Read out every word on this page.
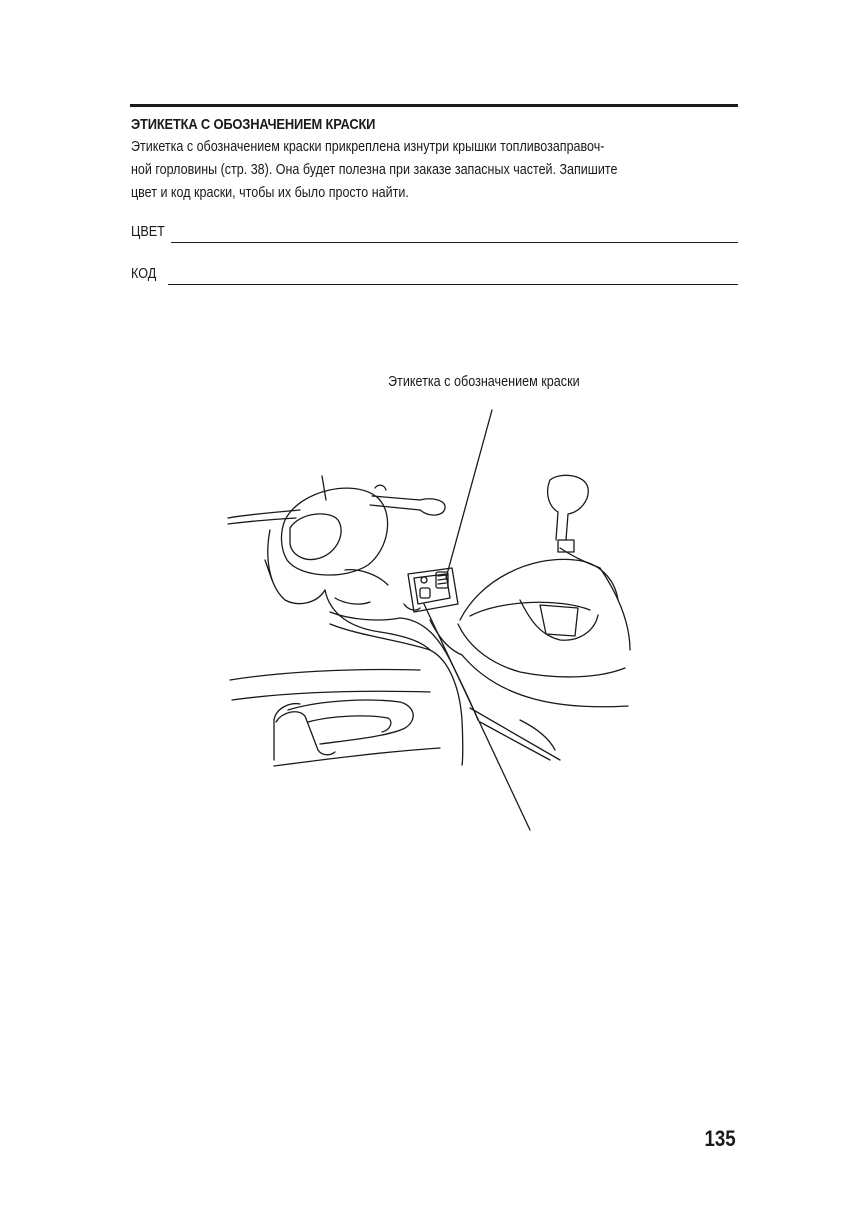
ЭТИКЕТКА С ОБОЗНАЧЕНИЕМ КРАСКИ
Этикетка с обозначением краски прикреплена изнутри крышки топливозаправоч-
ной горловины (стр. 38). Она будет полезна при заказе запасных частей. Запишите
цвет и код краски, чтобы их было просто найти.
ЦВЕТ
КОД
Этикетка с обозначением краски
135
